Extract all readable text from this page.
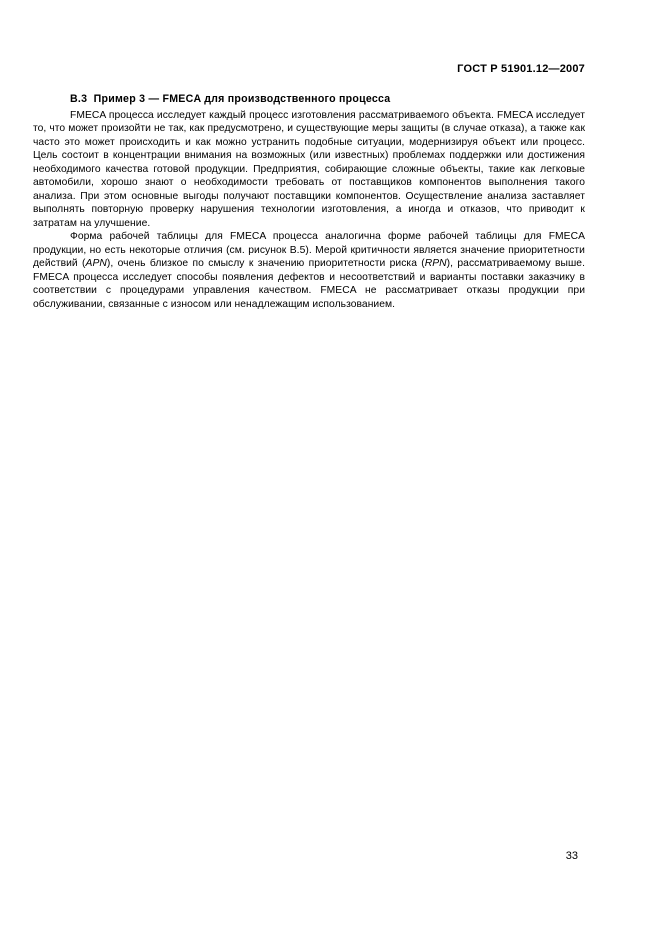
ГОСТ Р 51901.12—2007
В.3  Пример 3 — FMECA для производственного процесса

FMECA процесса исследует каждый процесс изготовления рассматриваемого объекта. FMECA исследует то, что может произойти не так, как предусмотрено, и существующие меры защиты (в случае отказа), а также как часто это может происходить и как можно устранить подобные ситуации, модернизируя объект или процесс. Цель состоит в концентрации внимания на возможных (или известных) проблемах поддержки или достижения необходимого качества готовой продукции. Предприятия, собирающие сложные объекты, такие как легковые автомобили, хорошо знают о необходимости требовать от поставщиков компонентов выполнения такого анализа. При этом основные выгоды получают поставщики компонентов. Осуществление анализа заставляет выполнять повторную проверку нарушения технологии изготовления, а иногда и отказов, что приводит к затратам на улучшение.

Форма рабочей таблицы для FMECA процесса аналогична форме рабочей таблицы для FMECA продукции, но есть некоторые отличия (см. рисунок В.5). Мерой критичности является значение приоритетности действий (APN), очень близкое по смыслу к значению приоритетности риска (RPN), рассматриваемому выше. FMECA процесса исследует способы появления дефектов и несоответствий и варианты поставки заказчику в соответствии с процедурами управления качеством. FMECA не рассматривает отказы продукции при обслуживании, связанные с износом или ненадлежащим использованием.

33
